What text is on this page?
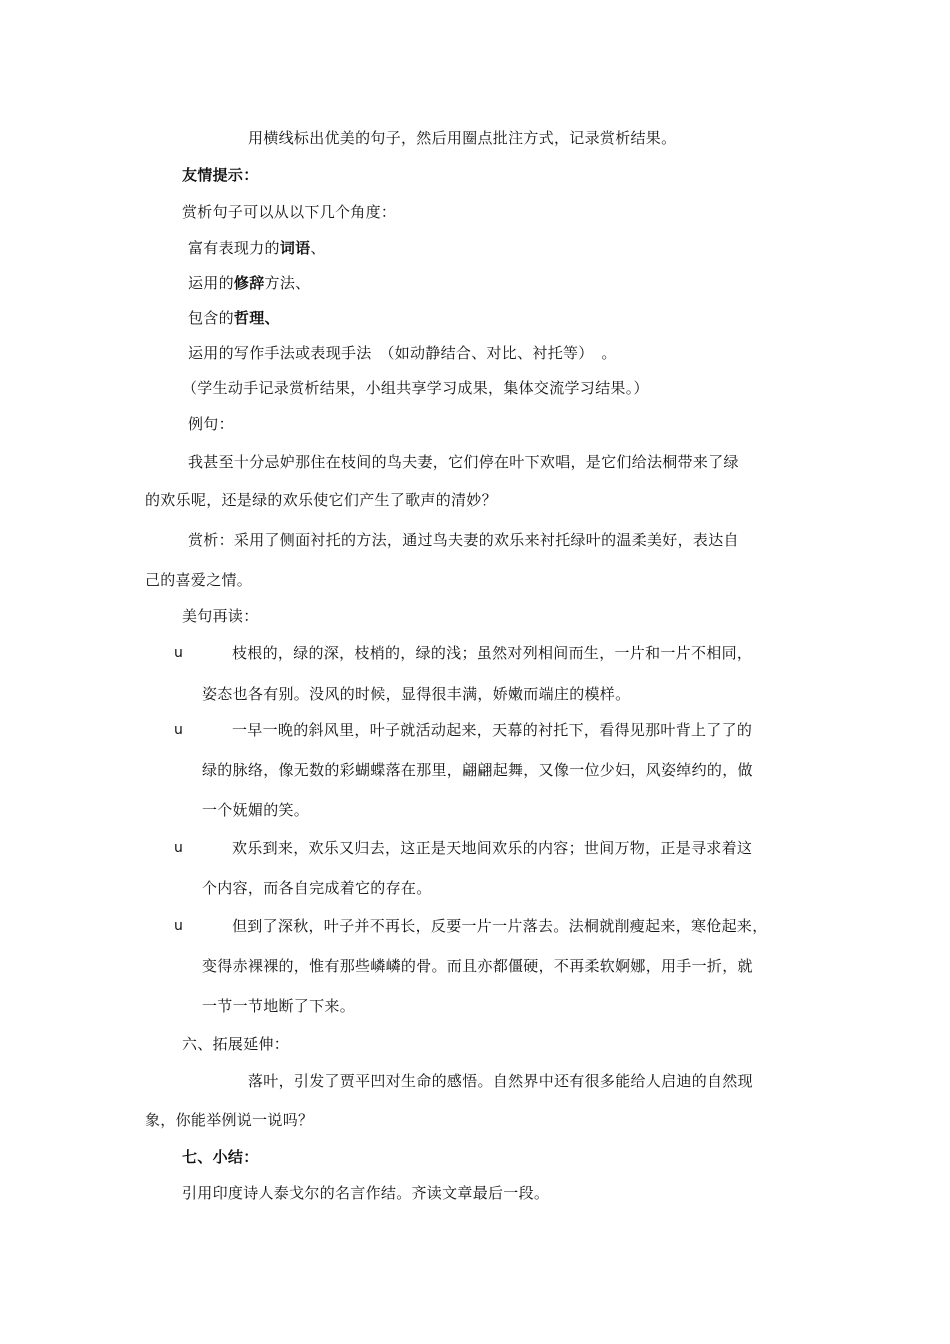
用横线标出优美的句子，然后用圈点批注方式，记录赏析结果。
友情提示：
赏析句子可以从以下几个角度：
富有表现力的词语、
运用的修辞方法、
包含的哲理、
运用的写作手法或表现手法　（如动静结合、对比、衬托等）　。
（学生动手记录赏析结果，小组共享学习成果，集体交流学习结果。）
例句：
我甚至十分忌妒那住在枝间的鸟夫妻，它们停在叶下欢唱，是它们给法桐带来了绿
的欢乐呢，还是绿的欢乐使它们产生了歌声的清妙？
赏析：采用了侧面衬托的方法，通过鸟夫妻的欢乐来衬托绿叶的温柔美好，表达自
己的喜爱之情。
美句再读：
u	枝根的，绿的深，枝梢的，绿的浅；虽然对列相间而生，一片和一片不相同，
姿态也各有别。没风的时候，显得很丰满，娇嫩而端庄的模样。
u	一早一晚的斜风里，叶子就活动起来，天幕的衬托下，看得见那叶背上了了的
绿的脉络，像无数的彩蝴蝶落在那里，翩翩起舞，又像一位少妇，风姿绰约的，做
一个妩媚的笑。
u	欢乐到来，欢乐又归去，这正是天地间欢乐的内容；世间万物，正是寻求着这
个内容，而各自完成着它的存在。
u	但到了深秋，叶子并不再长，反要一片一片落去。法桐就削瘦起来，寒伧起来，
变得赤裸裸的，惟有那些嶙嶙的骨。而且亦都僵硬，不再柔软婀娜，用手一折，就
一节一节地断了下来。
六、拓展延伸：
落叶，引发了贾平凹对生命的感悟。自然界中还有很多能给人启迪的自然现
象，你能举例说一说吗？
七、小结：
引用印度诗人泰戈尔的名言作结。齐读文章最后一段。
